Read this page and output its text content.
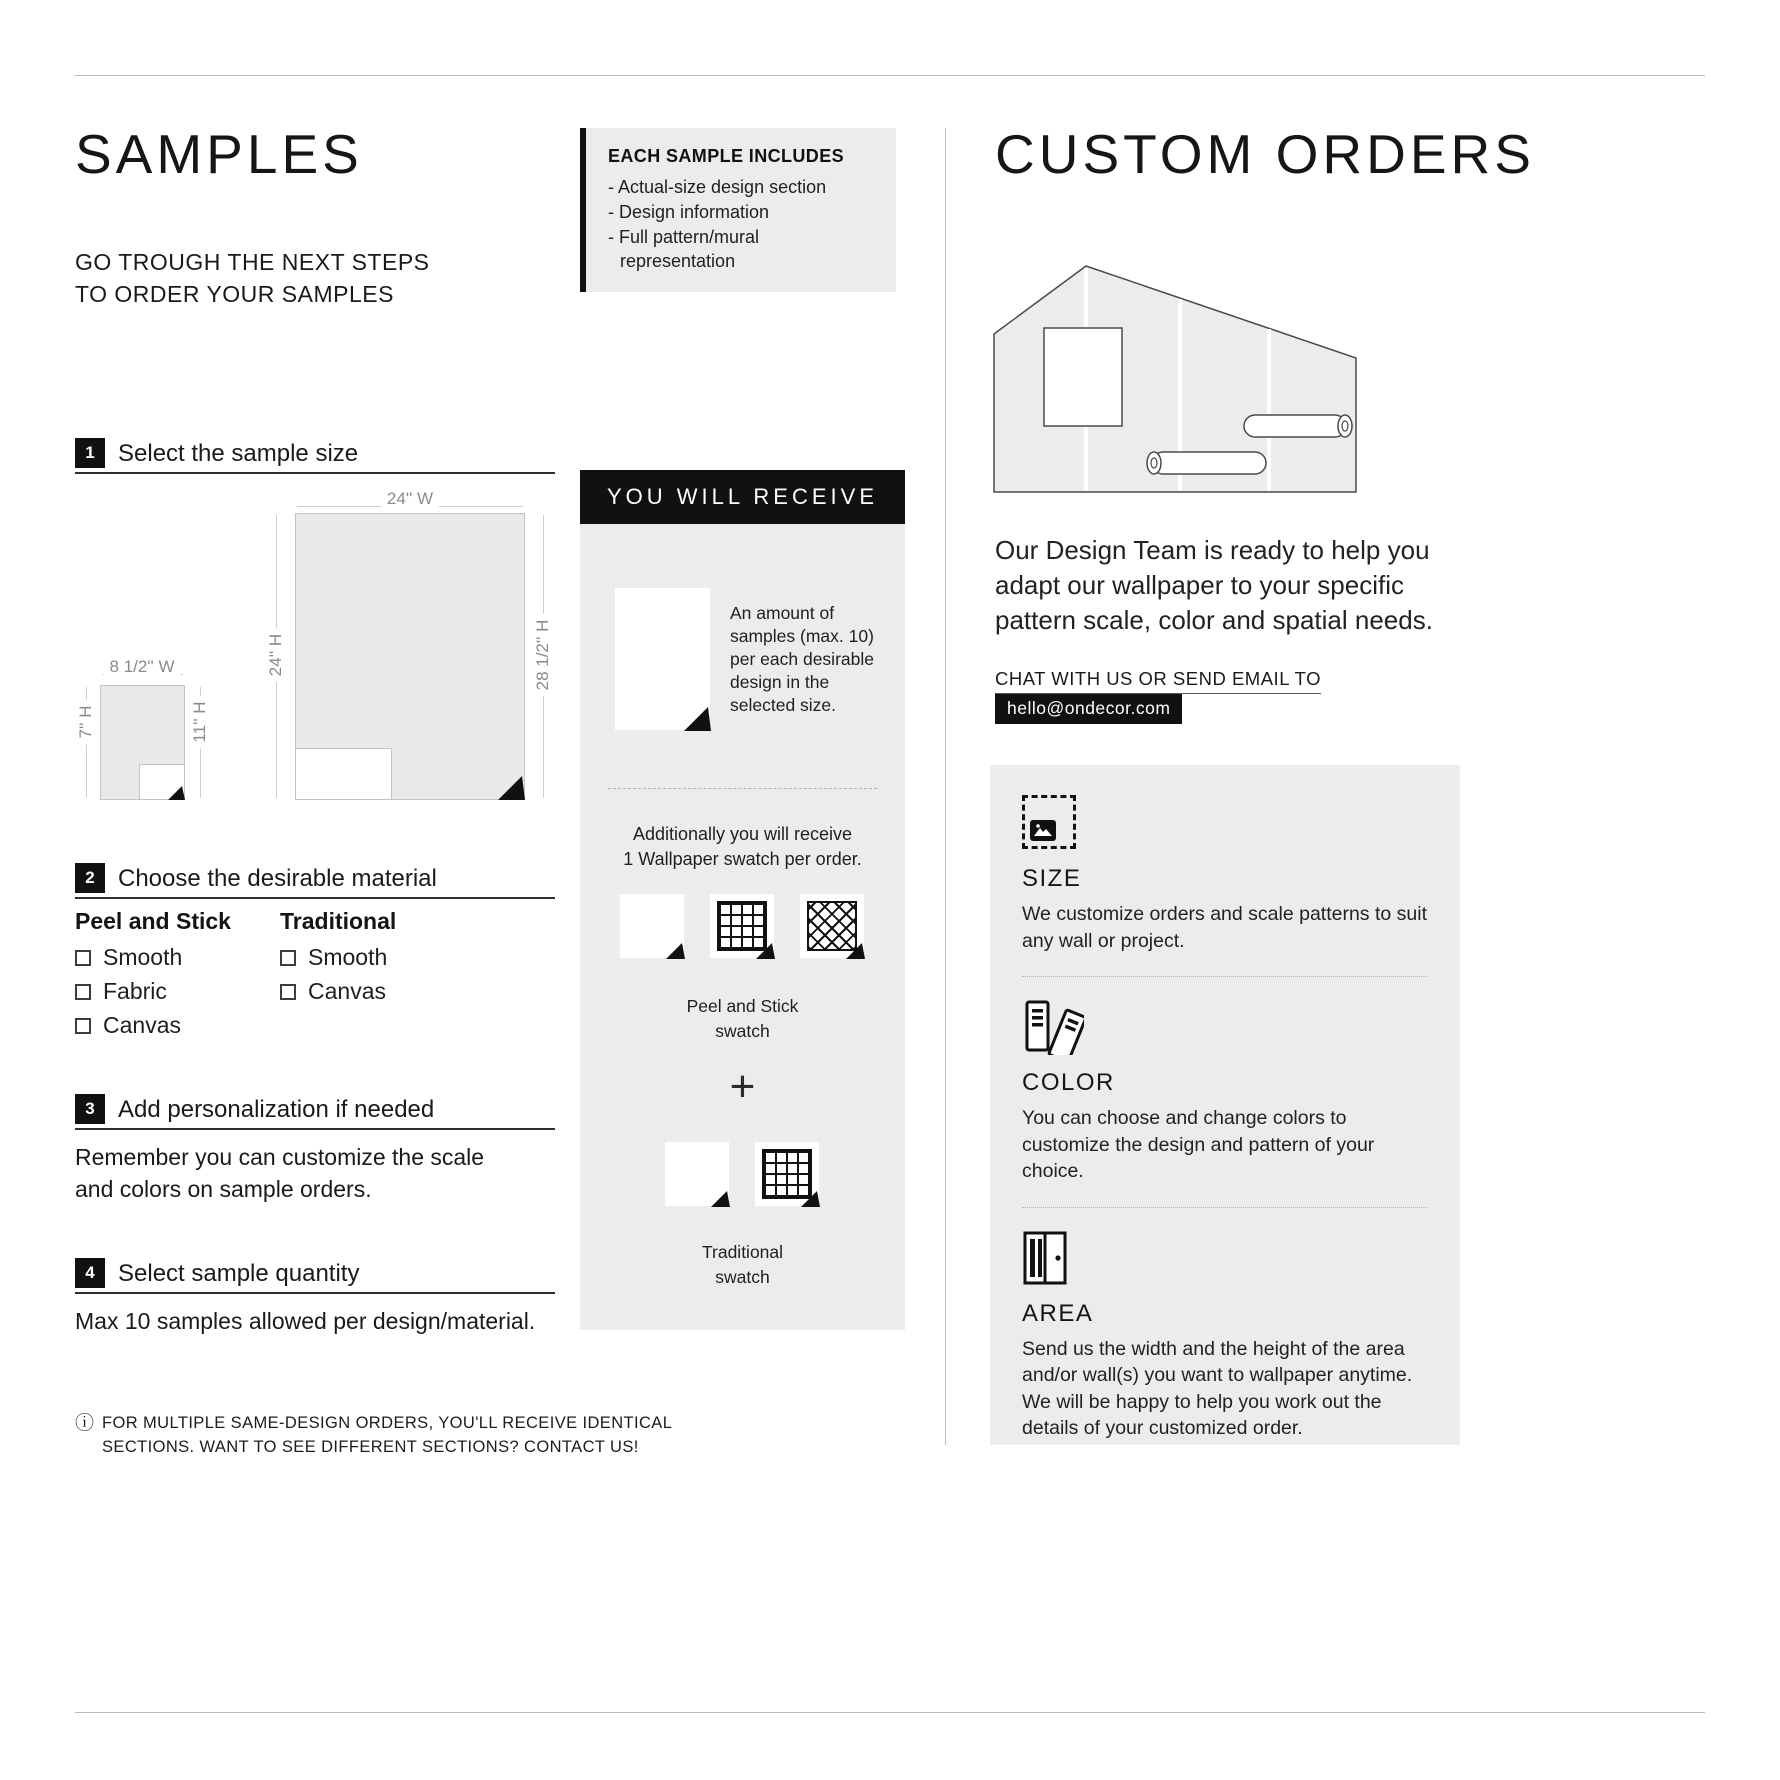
SAMPLES
GO TROUGH THE NEXT STEPS
TO ORDER YOUR SAMPLES
EACH SAMPLE INCLUDES
- Actual-size design section
- Design information
- Full pattern/mural representation
1 Select the sample size
24'' W
24'' H	28 1/2'' H
8 1/2'' W
7'' H	11'' H
2 Choose the desirable material
Peel and Stick Traditional
Smooth
Fabric
Canvas
Smooth
Canvas
3 Add personalization if needed
Remember you can customize the scale
and colors on sample orders.
4 Select sample quantity
Max 10 samples allowed per design/material.
ⓘ FOR MULTIPLE SAME-DESIGN ORDERS, YOU'LL RECEIVE IDENTICAL
SECTIONS. WANT TO SEE DIFFERENT SECTIONS? CONTACT US!
YOU WILL RECEIVE
An amount of samples (max. 10) per each desirable design in the selected size.
Additionally you will receive
1 Wallpaper swatch per order.
Peel and Stick
swatch
+
Traditional
swatch
CUSTOM ORDERS
Our Design Team is ready to help you adapt our wallpaper to your specific pattern scale, color and spatial needs.
CHAT WITH US OR SEND EMAIL TO
hello@ondecor.com
SIZE
We customize orders and scale patterns to suit any wall or project.
COLOR
You can choose and change colors to customize the design and pattern of your choice.
AREA
Send us the width and the height of the area and/or wall(s) you want to wallpaper anytime. We will be happy to help you work out the details of your customized order.
